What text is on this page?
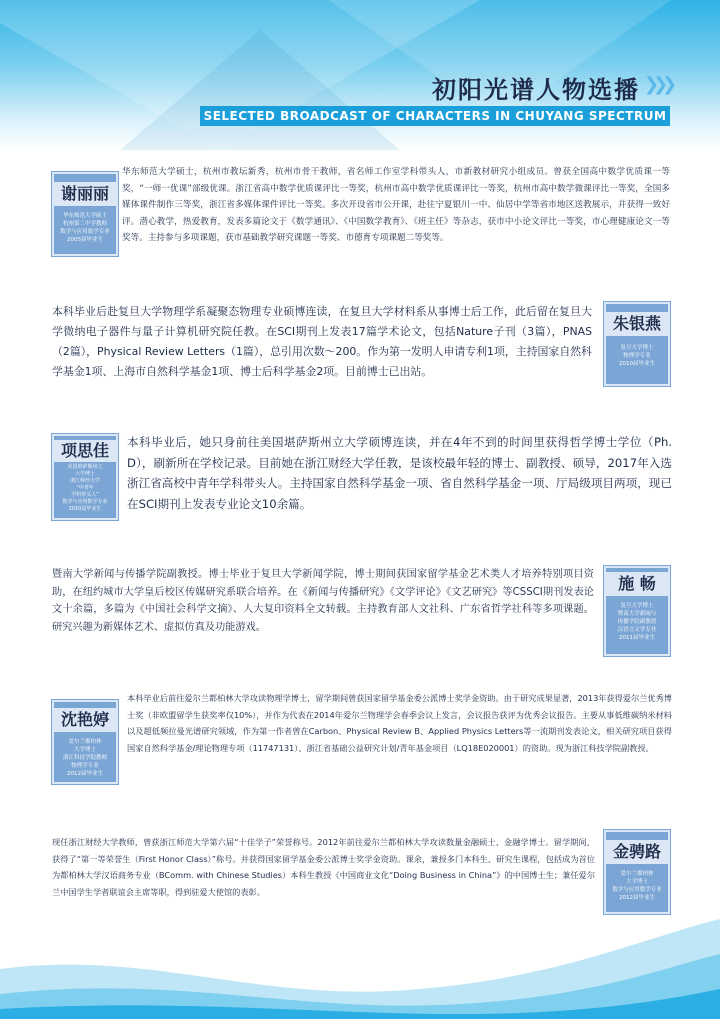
初阳光谱人物选播 ❯❯❯
SELECTED BROADCAST OF CHARACTERS IN CHUYANG SPECTRUM
谢丽丽
华东师范大学硕士
杭州第二中学教师
数学与应用数学专业
2005届毕业生
华东师范大学硕士，杭州市教坛新秀，杭州市骨干教师，省名师工作室学科带头人，市新教材研究小组成员。曾获全国高中数学优质课一等奖，“一师一优课”部级优课。浙江省高中数学优质课评比一等奖，杭州市高中数学优质课评比一等奖，杭州市高中数学微课评比一等奖，全国多媒体课件制作三等奖，浙江省多媒体课件评比一等奖。多次开设省市公开课，赴往宁夏银川一中、仙居中学等省市地区送教展示，并获得一致好评。潜心教学，热爱教育，发表多篇论文于《数学通讯》、《中国数学教育》、《班主任》等杂志，获市中小论文评比一等奖，市心理健康论文一等奖等。主持参与多项课题，获市基础教学研究课题一等奖、市德育专项课题二等奖等。
朱银燕
复旦大学博士
物理学专业
2010届毕业生
本科毕业后赴复旦大学物理学系凝聚态物理专业硕博连读，在复旦大学材料系从事博士后工作，此后留在复旦大学微纳电子器件与量子计算机研究院任教。在SCI期刊上发表17篇学术论文，包括Nature子刊（3篇），PNAS（2篇），Physical Review Letters（1篇），总引用次数～200。作为第一发明人申请专利1项，主持国家自然科学基金1项、上海市自然科学基金1项、博士后科学基金2项。目前博士已出站。
项思佳
美国堪萨斯州立
大学博士
浙江财经大学
“中青年
学科带头人”
数学与应用数学专业
2010届毕业生
本科毕业后，她只身前往美国堪萨斯州立大学硕博连读，并在4年不到的时间里获得哲学博士学位（Ph. D），刷新所在学校记录。目前她在浙江财经大学任教，是该校最年轻的博士、副教授、硕导，2017年入选浙江省高校中青年学科带头人。主持国家自然科学基金一项、省自然科学基金一项、厅局级项目两项，现已在SCI期刊上发表专业论文10余篇。
施 畅
复旦大学博士
暨南大学新闻与
传播学院副教授
汉语言文学专业
2011届毕业生
暨南大学新闻与传播学院副教授。博士毕业于复旦大学新闻学院，博士期间获国家留学基金艺术类人才培养特别项目资助，在纽约城市大学皇后校区传媒研究系联合培养。在《新闻与传播研究》《文学评论》《文艺研究》等CSSCI期刊发表论文十余篇，多篇为《中国社会科学文摘》、人大复印资料全文转载。主持教育部人文社科、广东省哲学社科等多项课题。研究兴趣为新媒体艺术、虚拟仿真及功能游戏。
沈艳婷
爱尔兰都柏林
大学博士
浙江科技学院教师
物理学专业
2012届毕业生
本科毕业后前往爱尔兰都柏林大学攻读物理学博士，留学期间曾获国家留学基金委公派博士奖学金资助。由于研究成果显著，2013年获得爱尔兰优秀博士奖（非欧盟留学生获奖率仅10%），并作为代表在2014年爱尔兰物理学会春季会议上发言，会议报告获评为优秀会议报告。主要从事低维碳纳米材料以及超低频拉曼光谱研究领域，作为第一作者曾在Carbon、Physical Review B、Applied Physics Letters等一流期刊发表论文，相关研究项目获得国家自然科学基金/理论物理专项（11747131）、浙江省基础公益研究计划/青年基金项目（LQ18E020001）的资助。现为浙江科技学院副教授。
金骋路
爱尔兰都柏林
大学博士
数学与应用数学专业
2012届毕业生
现任浙江财经大学教师，曾获浙江师范大学第六届“十佳学子”荣誉称号。2012年前往爱尔兰都柏林大学攻读数量金融硕士、金融学博士。留学期间，获得了“第一等荣誉生（First Honor Class）”称号。并获得国家留学基金委公派博士奖学金资助。课余，兼授多门本科生、研究生课程，包括成为首位为都柏林大学汉语商务专业（BComm. with Chinese Studies）本科生教授《中国商业文化“Doing Business in China”》的中国博士生；兼任爱尔兰中国学生学者联谊会主席等职，得到驻爱大使馆的表彰。
